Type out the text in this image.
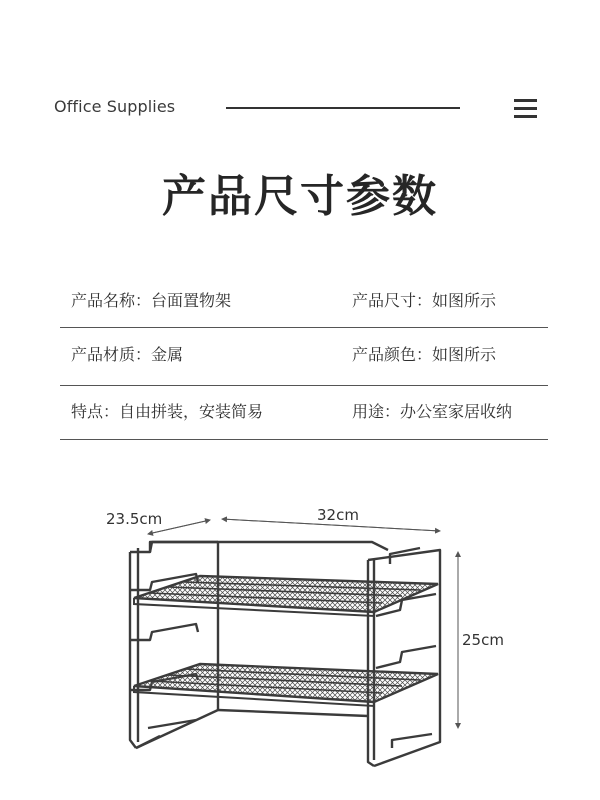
Office Supplies
产品尺寸参数
产品名称：台面置物架	产品尺寸：如图所示
产品材质：金属	产品颜色：如图所示
特点：自由拼装，安装简易	用途：办公室家居收纳
23.5cm	32cm
25cm
